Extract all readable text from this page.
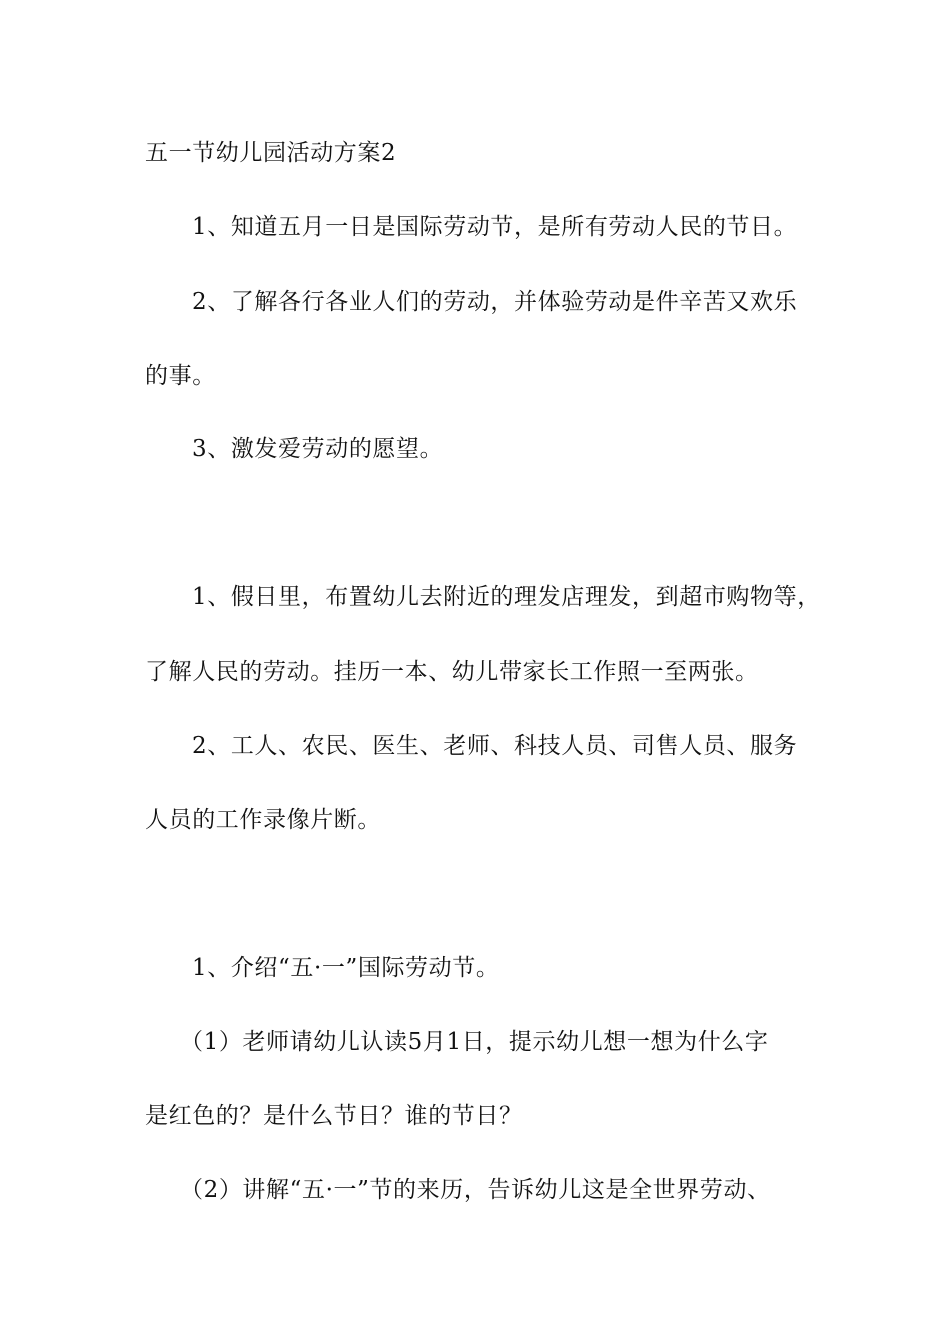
五一节幼儿园活动方案2
1、知道五月一日是国际劳动节，是所有劳动人民的节日。
2、了解各行各业人们的劳动，并体验劳动是件辛苦又欢乐
的事。
3、激发爱劳动的愿望。
1、假日里，布置幼儿去附近的理发店理发，到超市购物等，
了解人民的劳动。挂历一本、幼儿带家长工作照一至两张。
2、工人、农民、医生、老师、科技人员、司售人员、服务
人员的工作录像片断。
1、介绍“五·一”国际劳动节。
（1）老师请幼儿认读5月1日，提示幼儿想一想为什么字
是红色的？是什么节日？谁的节日？
（2）讲解“五·一”节的来历，告诉幼儿这是全世界劳动、
